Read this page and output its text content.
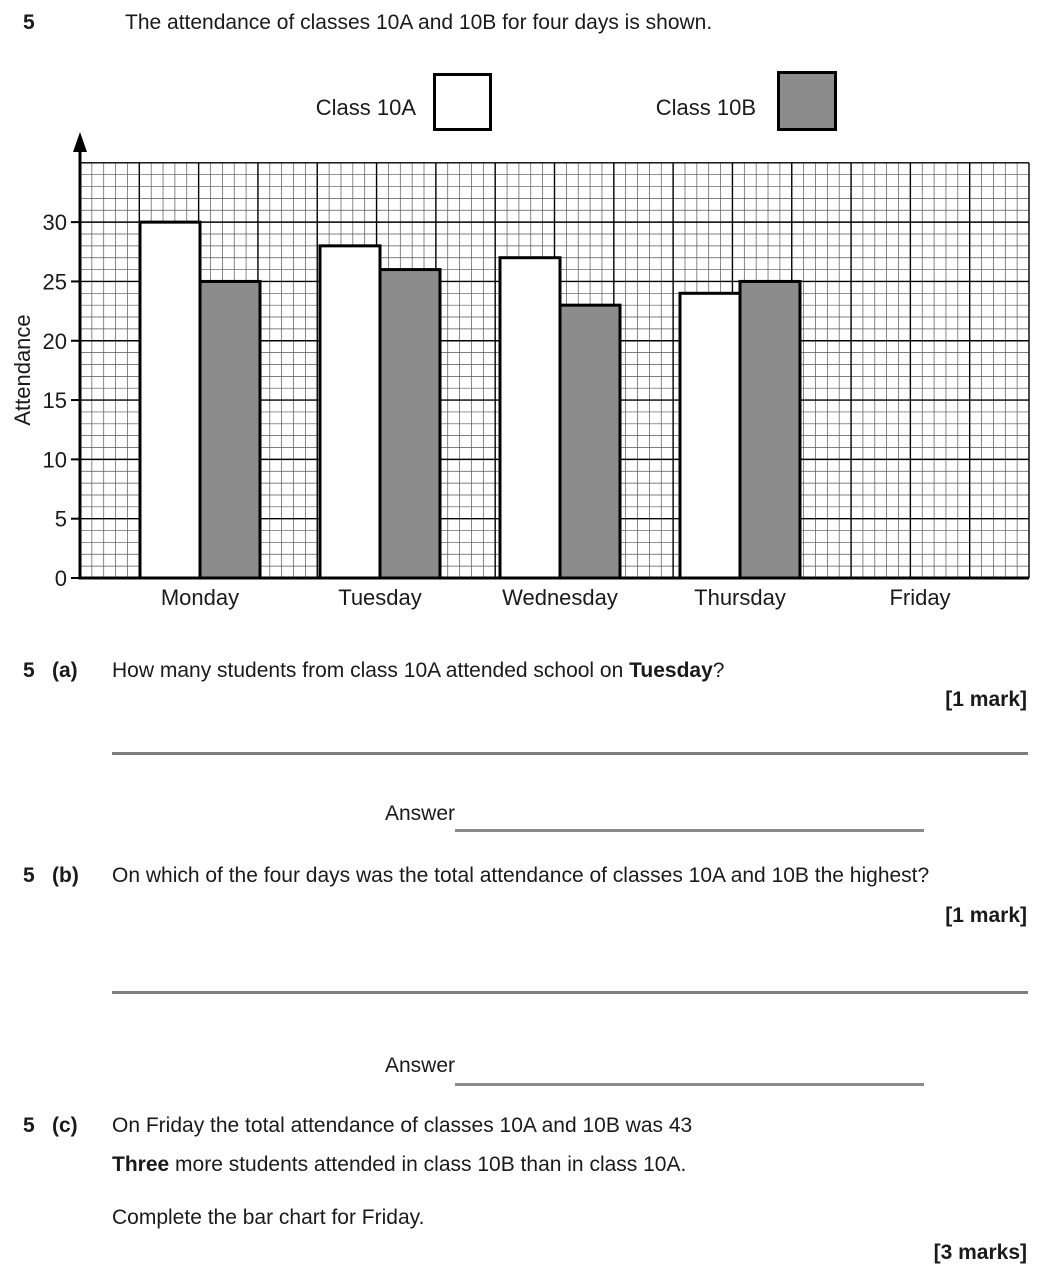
5	The attendance of classes 10A and 10B for four days is shown.
Class 10A	Class 10B
Monday	Tuesday	Wednesday	Thursday	Friday
0
5
10
15
20
25
30
Attendance
5 (a) How many students from class 10A attended school on Tuesday?
[1 mark]
Answer
5 (b) On which of the four days was the total attendance of classes 10A and 10B the highest?
[1 mark]
Answer
5 (c) On Friday the total attendance of classes 10A and 10B was 43
Three more students attended in class 10B than in class 10A.
Complete the bar chart for Friday.
[3 marks]
